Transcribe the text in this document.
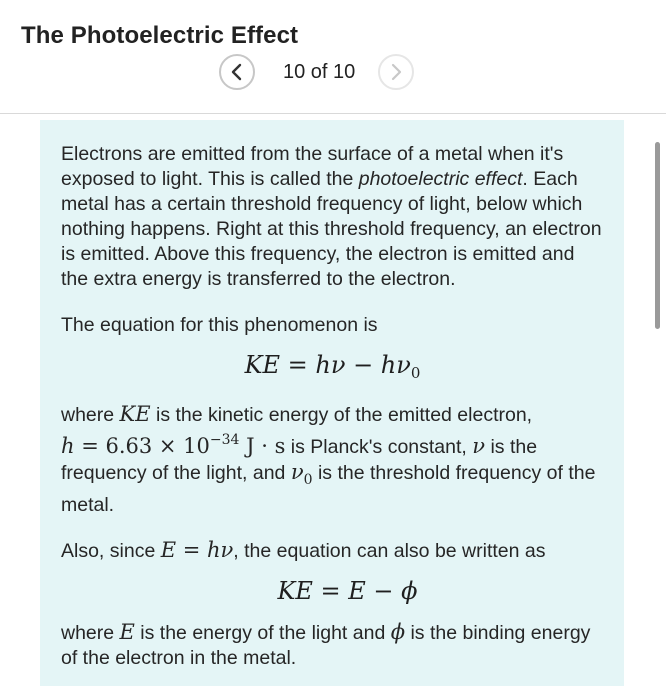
The Photoelectric Effect
10 of 10

Electrons are emitted from the surface of a metal when it's exposed to light. This is called the photoelectric effect. Each metal has a certain threshold frequency of light, below which nothing happens. Right at this threshold frequency, an electron is emitted. Above this frequency, the electron is emitted and the extra energy is transferred to the electron.

The equation for this phenomenon is

KE = $h\nu - h\nu_0$

where KE is the kinetic energy of the emitted electron,
$h = 6.63 \times 10^{-34}$ J · s is Planck's constant, ν is the frequency of the light, and $\nu_0$ is the threshold frequency of the metal.

Also, since E = hν, the equation can also be written as

KE = E − ϕ

where E is the energy of the light and ϕ is the binding energy of the electron in the metal.
